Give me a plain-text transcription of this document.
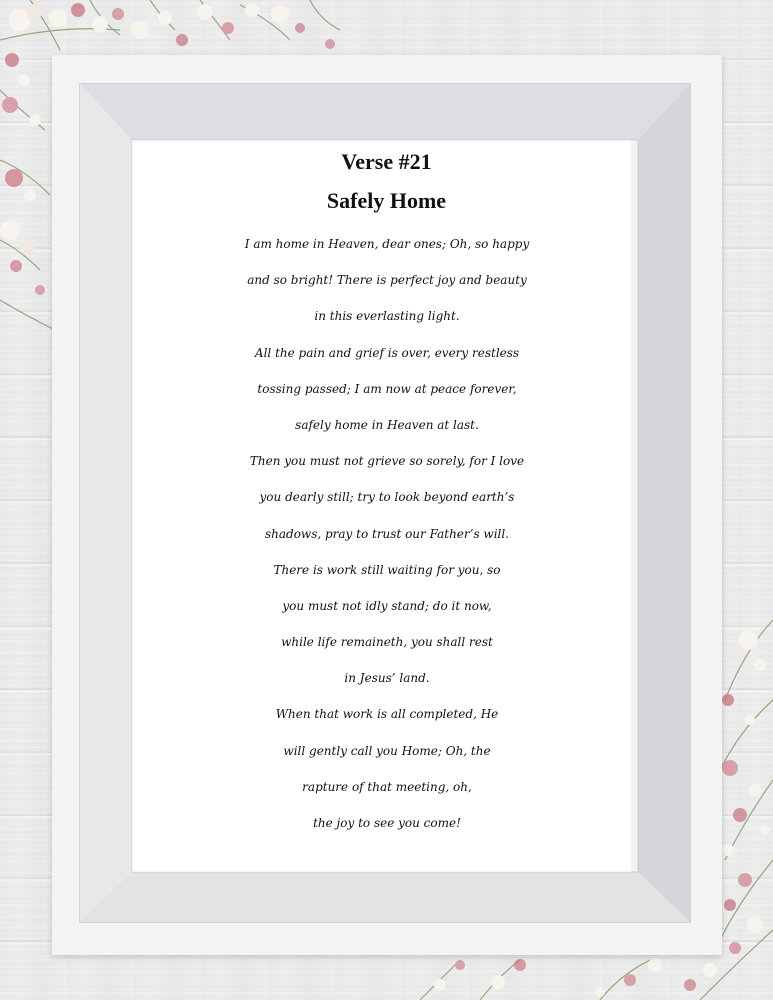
Verse #21
Safely Home
I am home in Heaven, dear ones; Oh, so happy
and so bright! There is perfect joy and beauty
in this everlasting light.
All the pain and grief is over, every restless
tossing passed; I am now at peace forever,
safely home in Heaven at last.
Then you must not grieve so sorely, for I love
you dearly still; try to look beyond earth’s
shadows, pray to trust our Father’s will.
There is work still waiting for you, so
you must not idly stand; do it now,
while life remaineth, you shall rest
in Jesus’ land.
When that work is all completed, He
will gently call you Home; Oh, the
rapture of that meeting, oh,
the joy to see you come!
